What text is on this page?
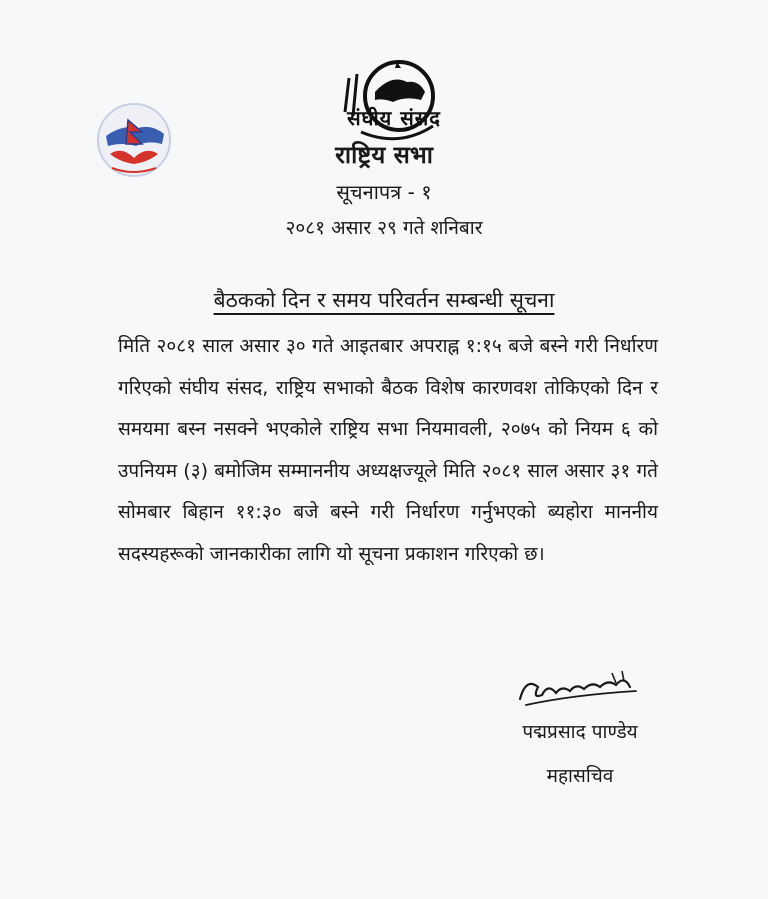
संघीय संसद
राष्ट्रिय सभा
सूचनापत्र - १
२०८१ असार २९ गते शनिबार
बैठकको दिन र समय परिवर्तन सम्बन्धी सूचना
मिति २०८१ साल असार ३० गते आइतबार अपराह्न १:१५ बजे बस्ने गरी निर्धारण गरिएको संघीय संसद, राष्ट्रिय सभाको बैठक विशेष कारणवश तोकिएको दिन र समयमा बस्न नसक्ने भएकोले राष्ट्रिय सभा नियमावली, २०७५ को नियम ६ को उपनियम (३) बमोजिम सम्माननीय अध्यक्षज्यूले मिति २०८१ साल असार ३१ गते सोमबार बिहान ११:३० बजे बस्ने गरी निर्धारण गर्नुभएको ब्यहोरा माननीय सदस्यहरूको जानकारीका लागि यो सूचना प्रकाशन गरिएको छ।
पद्मप्रसाद पाण्डेय
महासचिव
